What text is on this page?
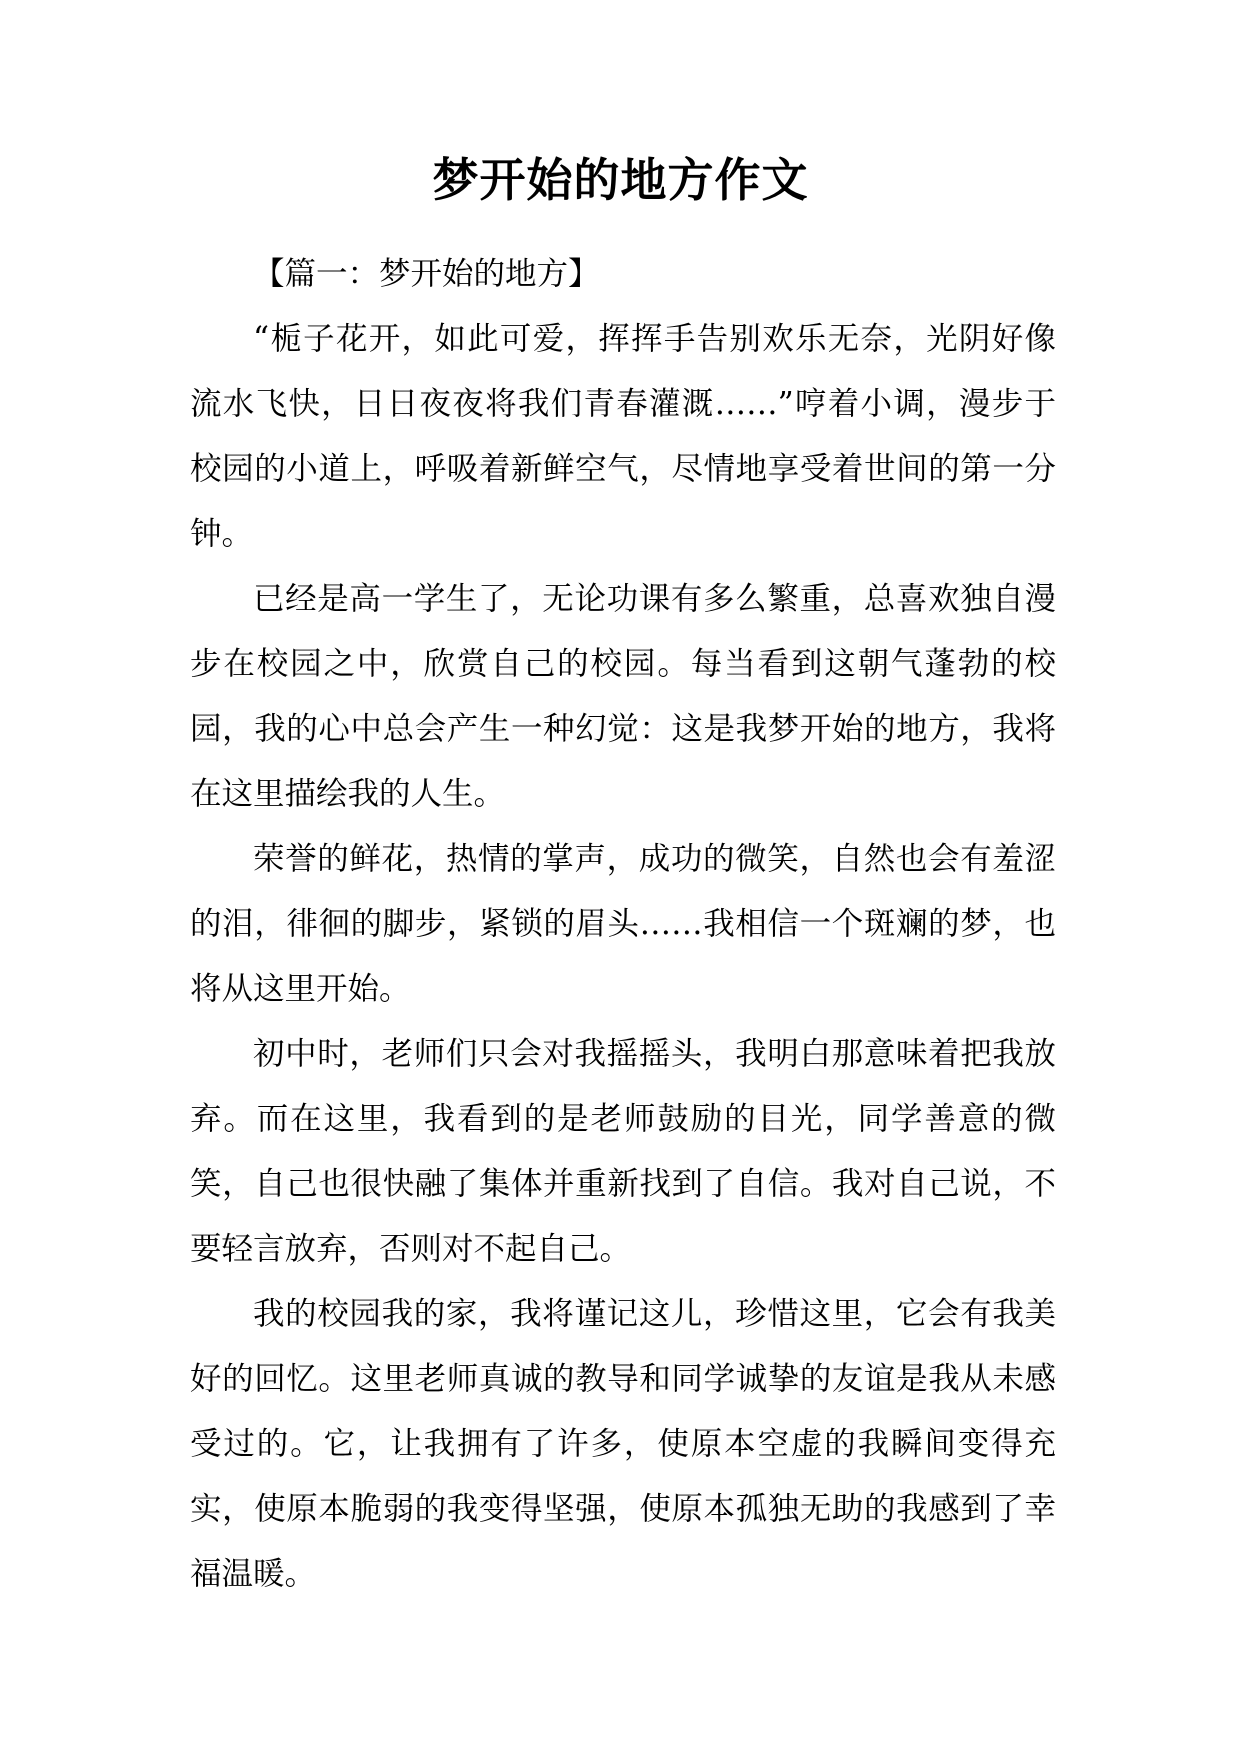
梦开始的地方作文

【篇一：梦开始的地方】

“栀子花开，如此可爱，挥挥手告别欢乐无奈，光阴好像流水飞快，日日夜夜将我们青春灌溉……”哼着小调，漫步于校园的小道上，呼吸着新鲜空气，尽情地享受着世间的第一分钟。

已经是高一学生了，无论功课有多么繁重，总喜欢独自漫步在校园之中，欣赏自己的校园。每当看到这朝气蓬勃的校园，我的心中总会产生一种幻觉：这是我梦开始的地方，我将在这里描绘我的人生。

荣誉的鲜花，热情的掌声，成功的微笑，自然也会有羞涩的泪，徘徊的脚步，紧锁的眉头……我相信一个斑斓的梦，也将从这里开始。

初中时，老师们只会对我摇摇头，我明白那意味着把我放弃。而在这里，我看到的是老师鼓励的目光，同学善意的微笑，自己也很快融了集体并重新找到了自信。我对自己说，不要轻言放弃，否则对不起自己。

我的校园我的家，我将谨记这儿，珍惜这里，它会有我美好的回忆。这里老师真诚的教导和同学诚挚的友谊是我从未感受过的。它，让我拥有了许多，使原本空虚的我瞬间变得充实，使原本脆弱的我变得坚强，使原本孤独无助的我感到了幸福温暖。
